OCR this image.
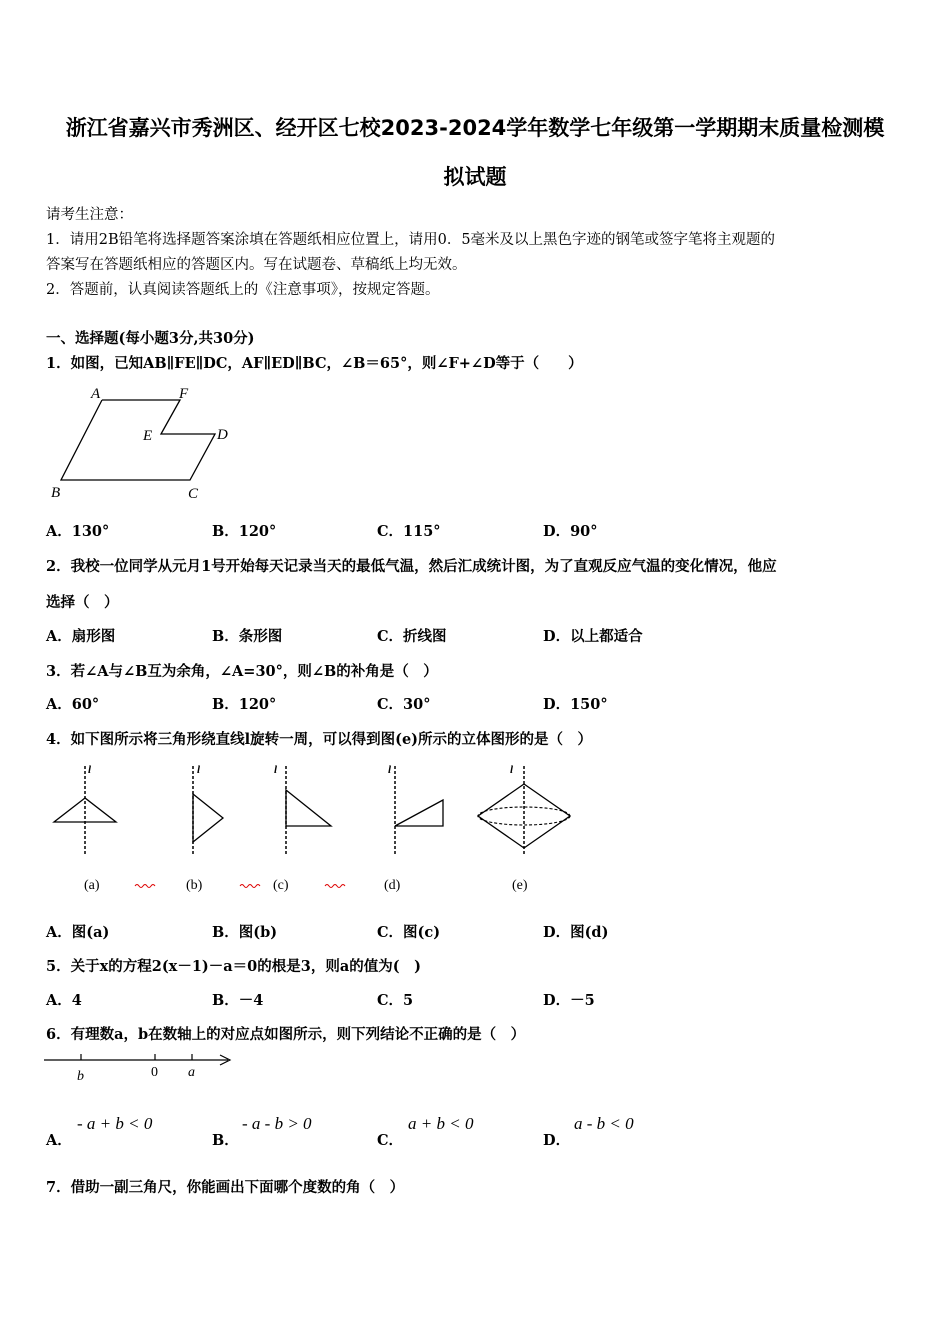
浙江省嘉兴市秀洲区、经开区七校2023-2024学年数学七年级第一学期期末质量检测模
拟试题
请考生注意：
1．请用2B铅笔将选择题答案涂填在答题纸相应位置上，请用0．5毫米及以上黑色字迹的钢笔或签字笔将主观题的
答案写在答题纸相应的答题区内。写在试题卷、草稿纸上均无效。
2．答题前，认真阅读答题纸上的《注意事项》，按规定答题。
一、选择题(每小题3分,共30分)
1．如图，已知AB∥FE∥DC，AF∥ED∥BC，∠B＝65°，则∠F+∠D等于（　　）
A	F
E	D
B	C
A．130°	B．120°	C．115°	D．90°
2．我校一位同学从元月1号开始每天记录当天的最低气温，然后汇成统计图，为了直观反应气温的变化情况，他应
选择（　）
A．扇形图	B．条形图	C．折线图	D．以上都适合
3．若∠A与∠B互为余角，∠A=30°，则∠B的补角是（　）
A．60°	B．120°	C．30°	D．150°
4．如下图所示将三角形绕直线l旋转一周，可以得到图(e)所示的立体图形的是（　）
l
(a)
l
(b)
l
(c)
l
(d)
l
(e)
A．图(a)	B．图(b)	C．图(c)	D．图(d)
5．关于x的方程2(x－1)－a＝0的根是3，则a的值为(　)
A．4	B．－4	C．5	D．－5
6．有理数a，b在数轴上的对应点如图所示，则下列结论不正确的是（　）
b	0 a
A．
- a + b < 0
B．
- a - b > 0
C．
a + b < 0
D．
a - b < 0
7．借助一副三角尺，你能画出下面哪个度数的角（　）
